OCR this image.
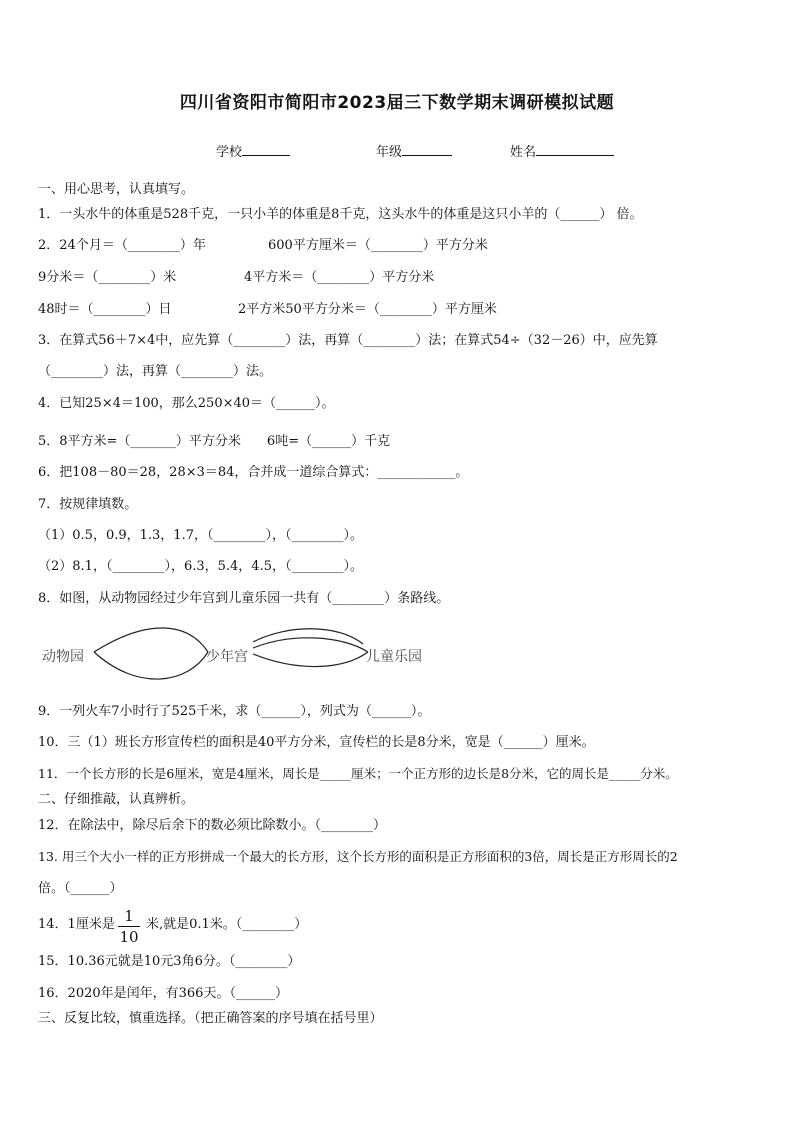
四川省资阳市简阳市2023届三下数学期末调研模拟试题
学校	年级	姓名
一、用心思考，认真填写。
1．一头水牛的体重是528千克，一只小羊的体重是8千克，这头水牛的体重是这只小羊的（______） 倍。
2．24个月＝（________）年	600平方厘米＝（________）平方分米
9分米＝（________）米	4平方米＝（________）平方分米
48时＝（________）日	2平方米50平方分米＝（________）平方厘米
3．在算式56＋7×4中，应先算（________）法，再算（________）法；在算式54÷（32－26）中，应先算
（________）法，再算（________）法。
4．已知25×4＝100，那么250×40＝（______）。
5．8平方米=（_______）平方分米　　6吨=（______）千克
6．把108－80＝28，28×3＝84，合并成一道综合算式：____________。
7．按规律填数。
（1）0.5，0.9，1.3，1.7，（________），（________）。
（2）8.1，（________），6.3，5.4，4.5，（________）。
8．如图，从动物园经过少年宫到儿童乐园一共有（________）条路线。
动物园	少年宫	儿童乐园
9．一列火车7小时行了525千米，求（______），列式为（______）。
10．三（1）班长方形宣传栏的面积是40平方分米，宣传栏的长是8分米，宽是（______）厘米。
11．一个长方形的长是6厘米，宽是4厘米，周长是_____厘米；一个正方形的边长是8分米，它的周长是_____分米。
二、仔细推敲，认真辨析。
12．在除法中，除尽后余下的数必须比除数小。（________）
13. 用三个大小一样的正方形拼成一个最大的长方形，这个长方形的面积是正方形面积的3倍，周长是正方形周长的2
倍。（______）
14．1厘米是 $\frac{1}{10}$ 米,就是0.1米。（________）
15．10.36元就是10元3角6分。（________）
16．2020年是闰年，有366天。（______）
三、反复比较，慎重选择。（把正确答案的序号填在括号里）
